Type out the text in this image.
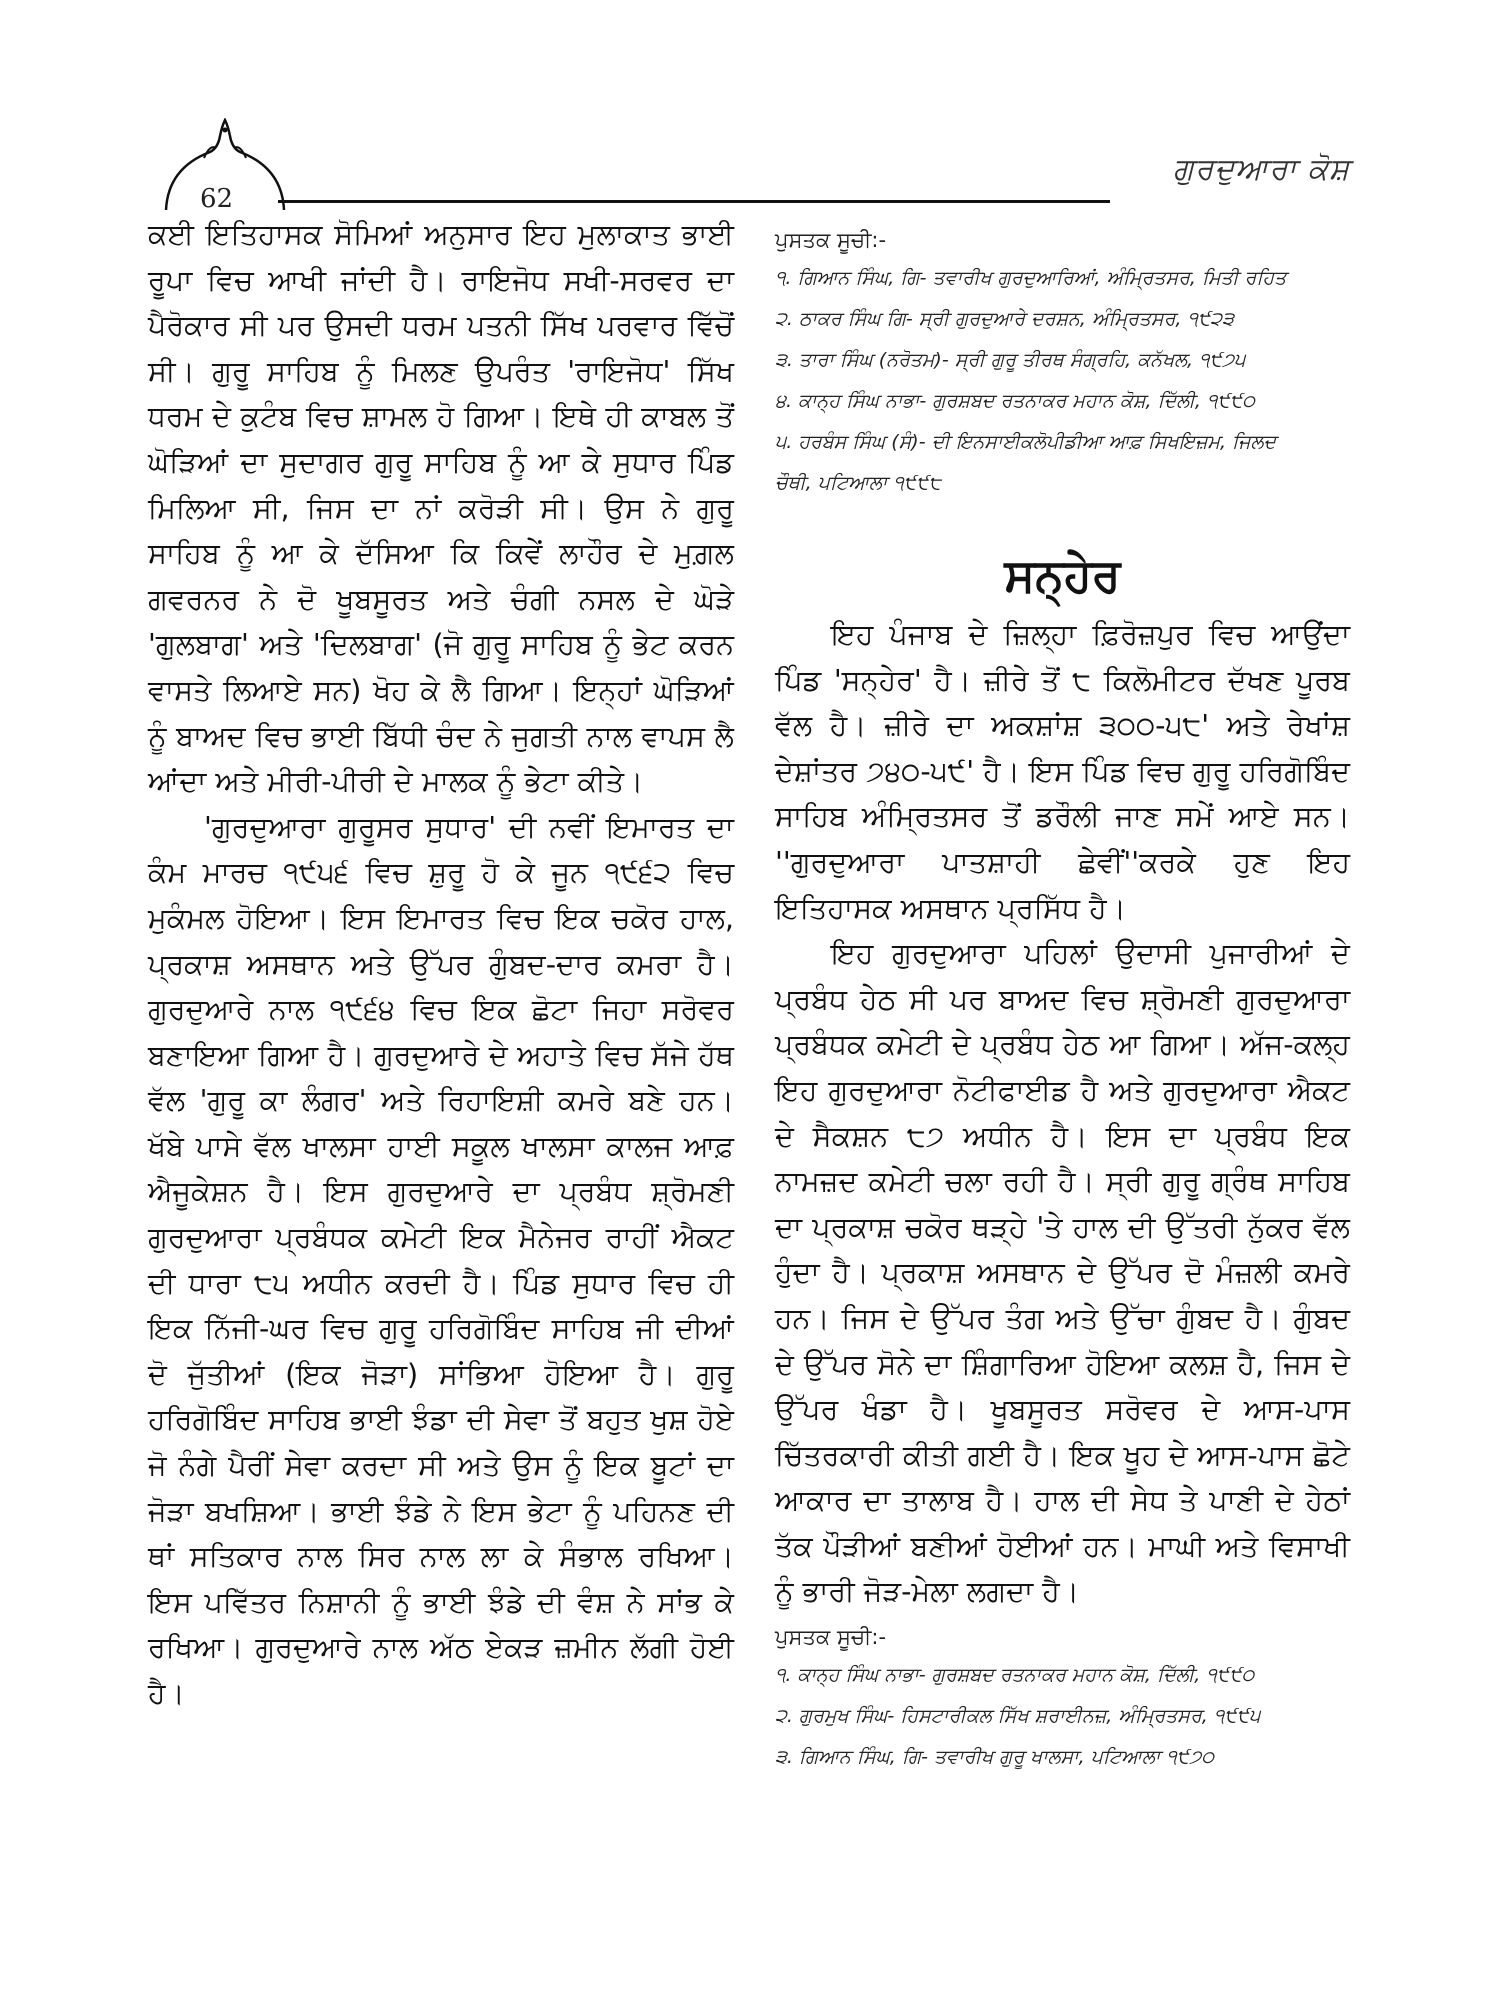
62
ਗੁਰਦੁਆਰਾ ਕੋਸ਼

ਕਈ ਇਤਿਹਾਸਕ ਸੋਮਿਆਂ ਅਨੁਸਾਰ ਇਹ ਮੁਲਾਕਾਤ ਭਾਈ ਰੂਪਾ ਵਿਚ ਆਖੀ ਜਾਂਦੀ ਹੈ। ਰਾਇਜੋਧ ਸਖੀ-ਸਰਵਰ ਦਾ ਪੈਰੋਕਾਰ ਸੀ ਪਰ ਉਸਦੀ ਧਰਮ ਪਤਨੀ ਸਿੱਖ ਪਰਵਾਰ ਵਿੱਚੋਂ ਸੀ। ਗੁਰੂ ਸਾਹਿਬ ਨੂੰ ਮਿਲਣ ਉਪਰੰਤ 'ਰਾਇਜੋਧ' ਸਿੱਖ ਧਰਮ ਦੇ ਕੁਟੰਬ ਵਿਚ ਸ਼ਾਮਲ ਹੋ ਗਿਆ। ਇਥੇ ਹੀ ਕਾਬਲ ਤੋਂ ਘੋੜਿਆਂ ਦਾ ਸੁਦਾਗਰ ਗੁਰੂ ਸਾਹਿਬ ਨੂੰ ਆ ਕੇ ਸੁਧਾਰ ਪਿੰਡ ਮਿਲਿਆ ਸੀ, ਜਿਸ ਦਾ ਨਾਂ ਕਰੋੜੀ ਸੀ। ਉਸ ਨੇ ਗੁਰੂ ਸਾਹਿਬ ਨੂੰ ਆ ਕੇ ਦੱਸਿਆ ਕਿ ਕਿਵੇਂ ਲਾਹੌਰ ਦੇ ਮੁਗ਼ਲ ਗਵਰਨਰ ਨੇ ਦੋ ਖੂਬਸੂਰਤ ਅਤੇ ਚੰਗੀ ਨਸਲ ਦੇ ਘੋੜੇ 'ਗੁਲਬਾਗ' ਅਤੇ 'ਦਿਲਬਾਗ' (ਜੋ ਗੁਰੂ ਸਾਹਿਬ ਨੂੰ ਭੇਟ ਕਰਨ ਵਾਸਤੇ ਲਿਆਏ ਸਨ) ਖੋਹ ਕੇ ਲੈ ਗਿਆ। ਇਨ੍ਹਾਂ ਘੋੜਿਆਂ ਨੂੰ ਬਾਅਦ ਵਿਚ ਭਾਈ ਬਿੱਧੀ ਚੰਦ ਨੇ ਜੁਗਤੀ ਨਾਲ ਵਾਪਸ ਲੈ ਆਂਦਾ ਅਤੇ ਮੀਰੀ-ਪੀਰੀ ਦੇ ਮਾਲਕ ਨੂੰ ਭੇਟਾ ਕੀਤੇ।

'ਗੁਰਦੁਆਰਾ ਗੁਰੂਸਰ ਸੁਧਾਰ' ਦੀ ਨਵੀਂ ਇਮਾਰਤ ਦਾ ਕੰਮ ਮਾਰਚ ੧੯੫੬ ਵਿਚ ਸ਼ੁਰੂ ਹੋ ਕੇ ਜੂਨ ੧੯੬੨ ਵਿਚ ਮੁਕੰਮਲ ਹੋਇਆ। ਇਸ ਇਮਾਰਤ ਵਿਚ ਇਕ ਚਕੋਰ ਹਾਲ, ਪ੍ਰਕਾਸ਼ ਅਸਥਾਨ ਅਤੇ ਉੱਪਰ ਗੁੰਬਦ-ਦਾਰ ਕਮਰਾ ਹੈ। ਗੁਰਦੁਆਰੇ ਨਾਲ ੧੯੬੪ ਵਿਚ ਇਕ ਛੋਟਾ ਜਿਹਾ ਸਰੋਵਰ ਬਣਾਇਆ ਗਿਆ ਹੈ। ਗੁਰਦੁਆਰੇ ਦੇ ਅਹਾਤੇ ਵਿਚ ਸੱਜੇ ਹੱਥ ਵੱਲ 'ਗੁਰੂ ਕਾ ਲੰਗਰ' ਅਤੇ ਰਿਹਾਇਸ਼ੀ ਕਮਰੇ ਬਣੇ ਹਨ। ਖੱਬੇ ਪਾਸੇ ਵੱਲ ਖਾਲਸਾ ਹਾਈ ਸਕੂਲ ਖਾਲਸਾ ਕਾਲਜ ਆਫ਼ ਐਜੂਕੇਸ਼ਨ ਹੈ। ਇਸ ਗੁਰਦੁਆਰੇ ਦਾ ਪ੍ਰਬੰਧ ਸ਼੍ਰੋਮਣੀ ਗੁਰਦੁਆਰਾ ਪ੍ਰਬੰਧਕ ਕਮੇਟੀ ਇਕ ਮੈਨੇਜਰ ਰਾਹੀਂ ਐਕਟ ਦੀ ਧਾਰਾ ੮੫ ਅਧੀਨ ਕਰਦੀ ਹੈ। ਪਿੰਡ ਸੁਧਾਰ ਵਿਚ ਹੀ ਇਕ ਨਿੱਜੀ-ਘਰ ਵਿਚ ਗੁਰੂ ਹਰਿਗੋਬਿੰਦ ਸਾਹਿਬ ਜੀ ਦੀਆਂ ਦੋ ਜੁੱਤੀਆਂ (ਇਕ ਜੋੜਾ) ਸਾਂਭਿਆ ਹੋਇਆ ਹੈ। ਗੁਰੂ ਹਰਿਗੋਬਿੰਦ ਸਾਹਿਬ ਭਾਈ ਝੰਡਾ ਦੀ ਸੇਵਾ ਤੋਂ ਬਹੁਤ ਖੁਸ਼ ਹੋਏ ਜੋ ਨੰਗੇ ਪੈਰੀਂ ਸੇਵਾ ਕਰਦਾ ਸੀ ਅਤੇ ਉਸ ਨੂੰ ਇਕ ਬੂਟਾਂ ਦਾ ਜੋੜਾ ਬਖਸ਼ਿਆ। ਭਾਈ ਝੰਡੇ ਨੇ ਇਸ ਭੇਟਾ ਨੂੰ ਪਹਿਨਣ ਦੀ ਥਾਂ ਸਤਿਕਾਰ ਨਾਲ ਸਿਰ ਨਾਲ ਲਾ ਕੇ ਸੰਭਾਲ ਰਖਿਆ। ਇਸ ਪਵਿੱਤਰ ਨਿਸ਼ਾਨੀ ਨੂੰ ਭਾਈ ਝੰਡੇ ਦੀ ਵੰਸ਼ ਨੇ ਸਾਂਭ ਕੇ ਰਖਿਆ। ਗੁਰਦੁਆਰੇ ਨਾਲ ਅੱਠ ਏਕੜ ਜ਼ਮੀਨ ਲੱਗੀ ਹੋਈ ਹੈ।

ਪੁਸਤਕ ਸੂਚੀ:-
੧. ਗਿਆਨ ਸਿੰਘ, ਗਿ- ਤਵਾਰੀਖ ਗੁਰਦੁਆਰਿਆਂ, ਅੰਮ੍ਰਿਤਸਰ, ਮਿਤੀ ਰਹਿਤ
੨. ਠਾਕਰ ਸਿੰਘ ਗਿ- ਸ੍ਰੀ ਗੁਰਦੁਆਰੇ ਦਰਸ਼ਨ, ਅੰਮ੍ਰਿਤਸਰ, ੧੯੨੩
੩. ਤਾਰਾ ਸਿੰਘ (ਨਰੋਤਮ)- ਸ੍ਰੀ ਗੁਰੂ ਤੀਰਥ ਸੰਗ੍ਰਹਿ, ਕਨੱਖਲ, ੧੯੭੫
੪. ਕਾਨ੍ਹ ਸਿੰਘ ਨਾਭਾ- ਗੁਰਸ਼ਬਦ ਰਤਨਾਕਰ ਮਹਾਨ ਕੋਸ਼, ਦਿੱਲੀ, ੧੯੯੦
੫. ਹਰਬੰਸ ਸਿੰਘ (ਸੰ)- ਦੀ ਇਨਸਾਈਕਲੋਪੀਡੀਆ ਆਫ਼ ਸਿਖਇਜ਼ਮ, ਜਿਲਦ
ਚੌਥੀ, ਪਟਿਆਲਾ ੧੯੯੮
ਸਨ੍ਹੇਰ

ਇਹ ਪੰਜਾਬ ਦੇ ਜ਼ਿਲ੍ਹਾ ਫ਼ਿਰੋਜ਼ਪੁਰ ਵਿਚ ਆਉਂਦਾ ਪਿੰਡ 'ਸਨ੍ਹੇਰ' ਹੈ। ਜ਼ੀਰੇ ਤੋਂ ੮ ਕਿਲੋਮੀਟਰ ਦੱਖਣ ਪੂਰਬ ਵੱਲ ਹੈ। ਜ਼ੀਰੇ ਦਾ ਅਕਸ਼ਾਂਸ਼ ੩੦੦-੫੮' ਅਤੇ ਰੇਖਾਂਸ਼ ਦੇਸ਼ਾਂਤਰ ੭੪੦-੫੯' ਹੈ। ਇਸ ਪਿੰਡ ਵਿਚ ਗੁਰੂ ਹਰਿਗੋਬਿੰਦ ਸਾਹਿਬ ਅੰਮ੍ਰਿਤਸਰ ਤੋਂ ਡਰੌਲੀ ਜਾਣ ਸਮੇਂ ਆਏ ਸਨ। ''ਗੁਰਦੁਆਰਾ ਪਾਤਸ਼ਾਹੀ ਛੇਵੀਂ''ਕਰਕੇ ਹੁਣ ਇਹ ਇਤਿਹਾਸਕ ਅਸਥਾਨ ਪ੍ਰਸਿੱਧ ਹੈ।

ਇਹ ਗੁਰਦੁਆਰਾ ਪਹਿਲਾਂ ਉਦਾਸੀ ਪੁਜਾਰੀਆਂ ਦੇ ਪ੍ਰਬੰਧ ਹੇਠ ਸੀ ਪਰ ਬਾਅਦ ਵਿਚ ਸ਼੍ਰੋਮਣੀ ਗੁਰਦੁਆਰਾ ਪ੍ਰਬੰਧਕ ਕਮੇਟੀ ਦੇ ਪ੍ਰਬੰਧ ਹੇਠ ਆ ਗਿਆ। ਅੱਜ-ਕਲ੍ਹ ਇਹ ਗੁਰਦੁਆਰਾ ਨੋਟੀਫਾਈਡ ਹੈ ਅਤੇ ਗੁਰਦੁਆਰਾ ਐਕਟ ਦੇ ਸੈਕਸ਼ਨ ੮੭ ਅਧੀਨ ਹੈ। ਇਸ ਦਾ ਪ੍ਰਬੰਧ ਇਕ ਨਾਮਜ਼ਦ ਕਮੇਟੀ ਚਲਾ ਰਹੀ ਹੈ। ਸ੍ਰੀ ਗੁਰੂ ਗ੍ਰੰਥ ਸਾਹਿਬ ਦਾ ਪ੍ਰਕਾਸ਼ ਚਕੋਰ ਥੜ੍ਹੇ 'ਤੇ ਹਾਲ ਦੀ ਉੱਤਰੀ ਨੁੱਕਰ ਵੱਲ ਹੁੰਦਾ ਹੈ। ਪ੍ਰਕਾਸ਼ ਅਸਥਾਨ ਦੇ ਉੱਪਰ ਦੋ ਮੰਜ਼ਲੀ ਕਮਰੇ ਹਨ। ਜਿਸ ਦੇ ਉੱਪਰ ਤੰਗ ਅਤੇ ਉੱਚਾ ਗੁੰਬਦ ਹੈ। ਗੁੰਬਦ ਦੇ ਉੱਪਰ ਸੋਨੇ ਦਾ ਸ਼ਿੰਗਾਰਿਆ ਹੋਇਆ ਕਲਸ਼ ਹੈ, ਜਿਸ ਦੇ ਉੱਪਰ ਖੰਡਾ ਹੈ। ਖੂਬਸੂਰਤ ਸਰੋਵਰ ਦੇ ਆਸ-ਪਾਸ ਚਿੱਤਰਕਾਰੀ ਕੀਤੀ ਗਈ ਹੈ। ਇਕ ਖੂਹ ਦੇ ਆਸ-ਪਾਸ ਛੋਟੇ ਆਕਾਰ ਦਾ ਤਾਲਾਬ ਹੈ। ਹਾਲ ਦੀ ਸੇਧ ਤੇ ਪਾਣੀ ਦੇ ਹੇਠਾਂ ਤੱਕ ਪੌੜੀਆਂ ਬਣੀਆਂ ਹੋਈਆਂ ਹਨ। ਮਾਘੀ ਅਤੇ ਵਿਸਾਖੀ ਨੂੰ ਭਾਰੀ ਜੋੜ-ਮੇਲਾ ਲਗਦਾ ਹੈ।

ਪੁਸਤਕ ਸੂਚੀ:-
੧. ਕਾਨ੍ਹ ਸਿੰਘ ਨਾਭਾ- ਗੁਰਸ਼ਬਦ ਰਤਨਾਕਰ ਮਹਾਨ ਕੋਸ਼, ਦਿੱਲੀ, ੧੯੯੦
੨. ਗੁਰਮੁਖ ਸਿੰਘ- ਹਿਸਟਾਰੀਕਲ ਸਿੱਖ ਸ਼ਰਾਈਨਜ਼, ਅੰਮ੍ਰਿਤਸਰ, ੧੯੯੫
੩. ਗਿਆਨ ਸਿੰਘ, ਗਿ- ਤਵਾਰੀਖ ਗੁਰੂ ਖਾਲਸਾ, ਪਟਿਆਲਾ ੧੯੭੦
